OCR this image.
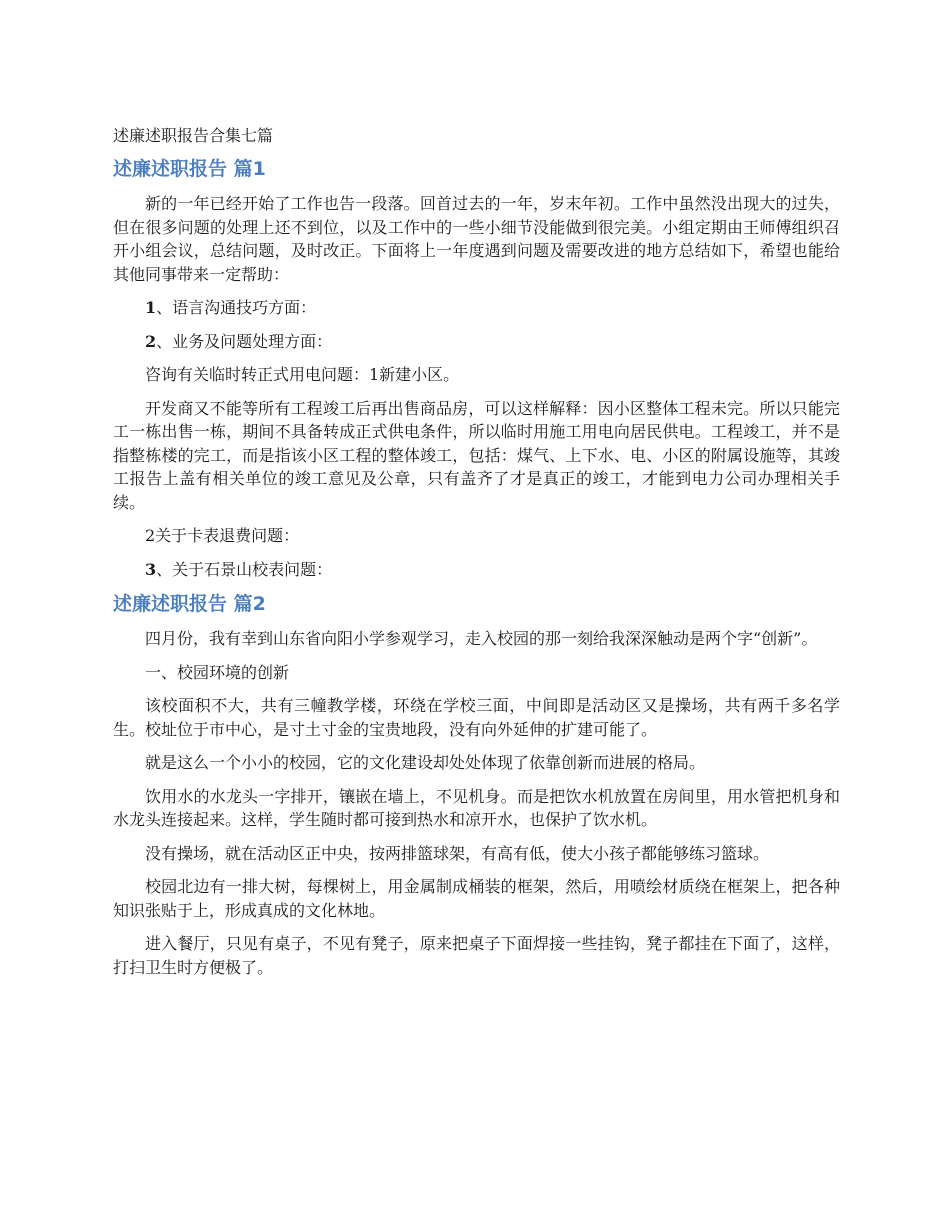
述廉述职报告合集七篇
述廉述职报告 篇1

新的一年已经开始了工作也告一段落。回首过去的一年，岁末年初。工作中虽然没出现大的过失，但在很多问题的处理上还不到位，以及工作中的一些小细节没能做到很完美。小组定期由王师傅组织召开小组会议，总结问题，及时改正。下面将上一年度遇到问题及需要改进的地方总结如下，希望也能给其他同事带来一定帮助：

1、语言沟通技巧方面：

2、业务及问题处理方面：

咨询有关临时转正式用电问题：1新建小区。

开发商又不能等所有工程竣工后再出售商品房，可以这样解释：因小区整体工程未完。所以只能完工一栋出售一栋，期间不具备转成正式供电条件，所以临时用施工用电向居民供电。工程竣工，并不是指整栋楼的完工，而是指该小区工程的整体竣工，包括：煤气、上下水、电、小区的附属设施等，其竣工报告上盖有相关单位的竣工意见及公章，只有盖齐了才是真正的竣工，才能到电力公司办理相关手续。

2关于卡表退费问题：

3、关于石景山校表问题：

述廉述职报告 篇2

四月份，我有幸到山东省向阳小学参观学习，走入校园的那一刻给我深深触动是两个字“创新”。

一、校园环境的创新

该校面积不大，共有三幢教学楼，环绕在学校三面，中间即是活动区又是操场，共有两千多名学生。校址位于市中心，是寸土寸金的宝贵地段，没有向外延伸的扩建可能了。

就是这么一个小小的校园，它的文化建设却处处体现了依靠创新而进展的格局。

饮用水的水龙头一字排开，镶嵌在墙上，不见机身。而是把饮水机放置在房间里，用水管把机身和水龙头连接起来。这样，学生随时都可接到热水和凉开水，也保护了饮水机。

没有操场，就在活动区正中央，按两排篮球架，有高有低，使大小孩子都能够练习篮球。

校园北边有一排大树，每棵树上，用金属制成桶装的框架，然后，用喷绘材质绕在框架上，把各种知识张贴于上，形成真成的文化林地。

进入餐厅，只见有桌子，不见有凳子，原来把桌子下面焊接一些挂钩，凳子都挂在下面了，这样，打扫卫生时方便极了。
